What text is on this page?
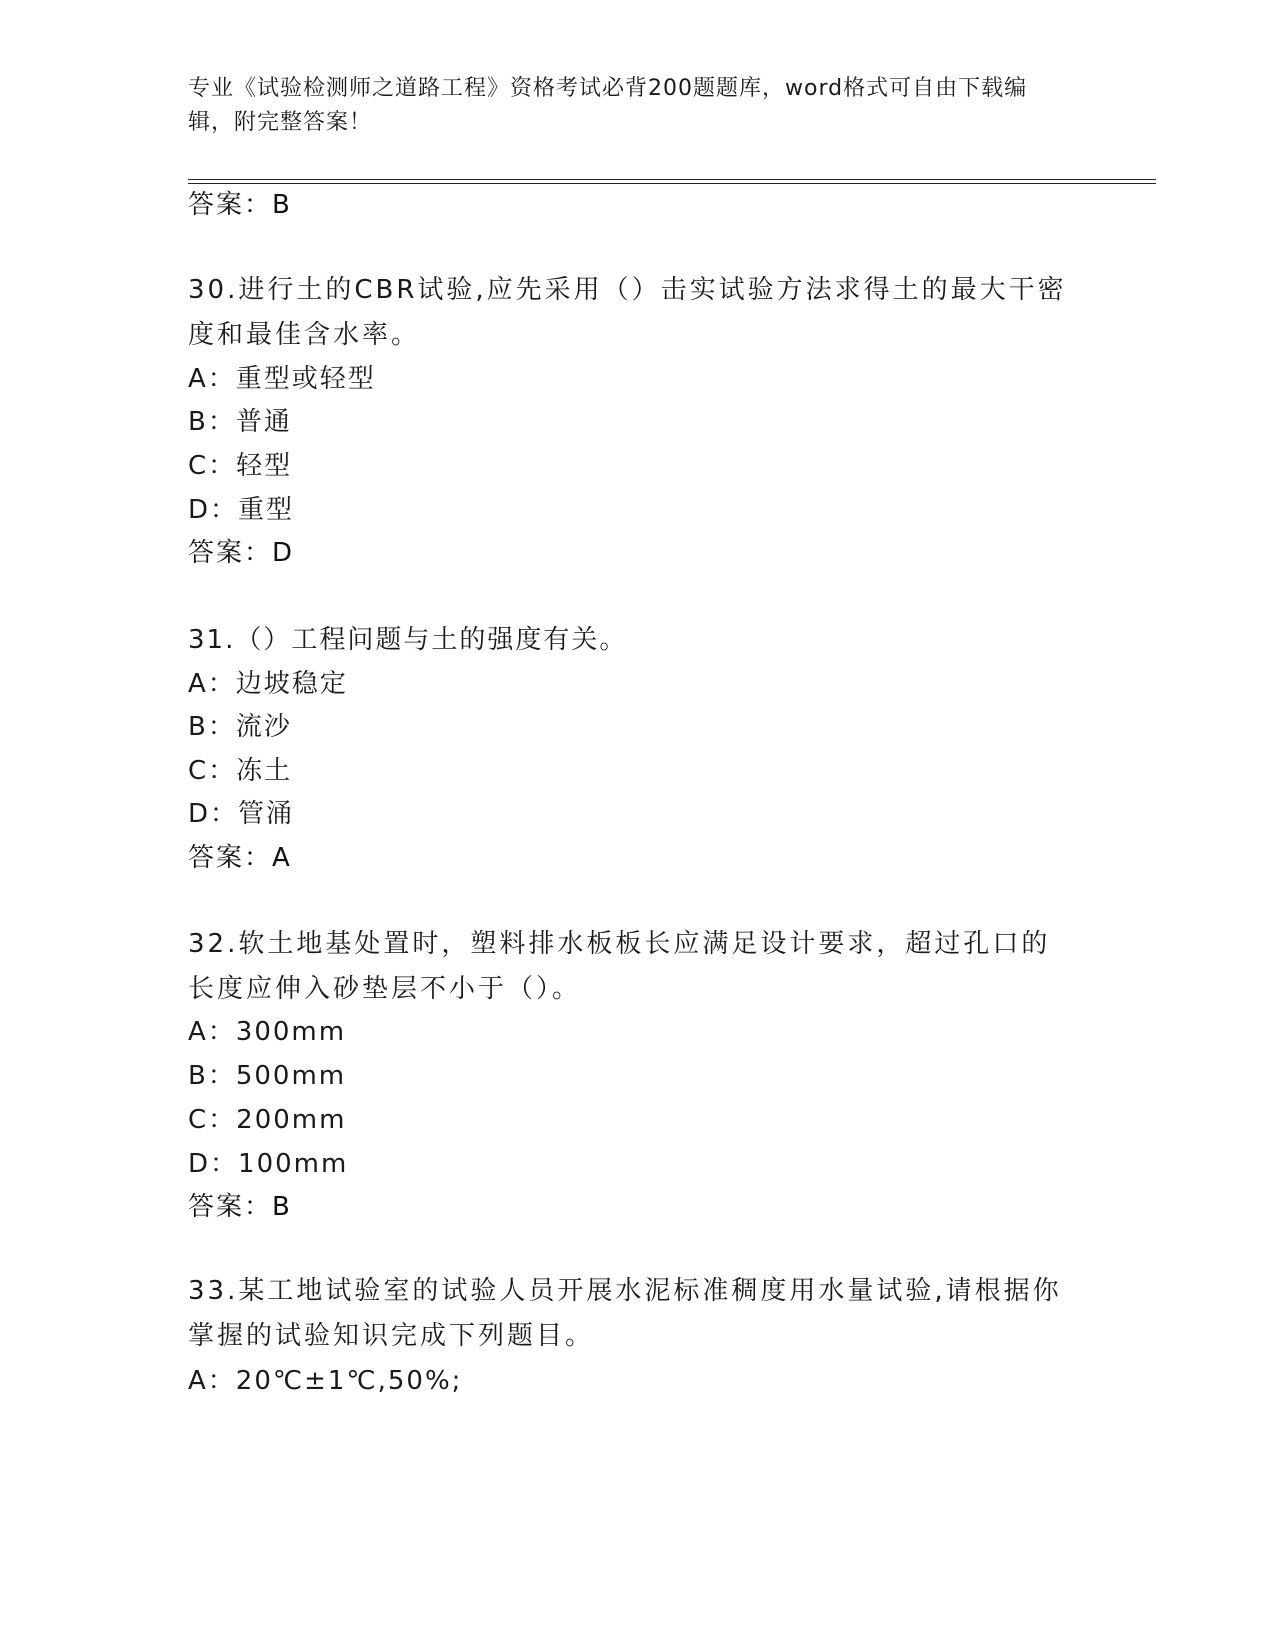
专业《试验检测师之道路工程》资格考试必背200题题库，word格式可自由下载编辑，附完整答案！
答案：B
30.进行土的CBR试验,应先采用（）击实试验方法求得土的最大干密度和最佳含水率。
A：重型或轻型
B：普通
C：轻型
D：重型
答案：D
31.（）工程问题与土的强度有关。
A：边坡稳定
B：流沙
C：冻土
D：管涌
答案：A
32.软土地基处置时，塑料排水板板长应满足设计要求，超过孔口的长度应伸入砂垫层不小于（）。
A：300mm
B：500mm
C：200mm
D：100mm
答案：B
33.某工地试验室的试验人员开展水泥标准稠度用水量试验,请根据你掌握的试验知识完成下列题目。
A：20℃±1℃,50%;
